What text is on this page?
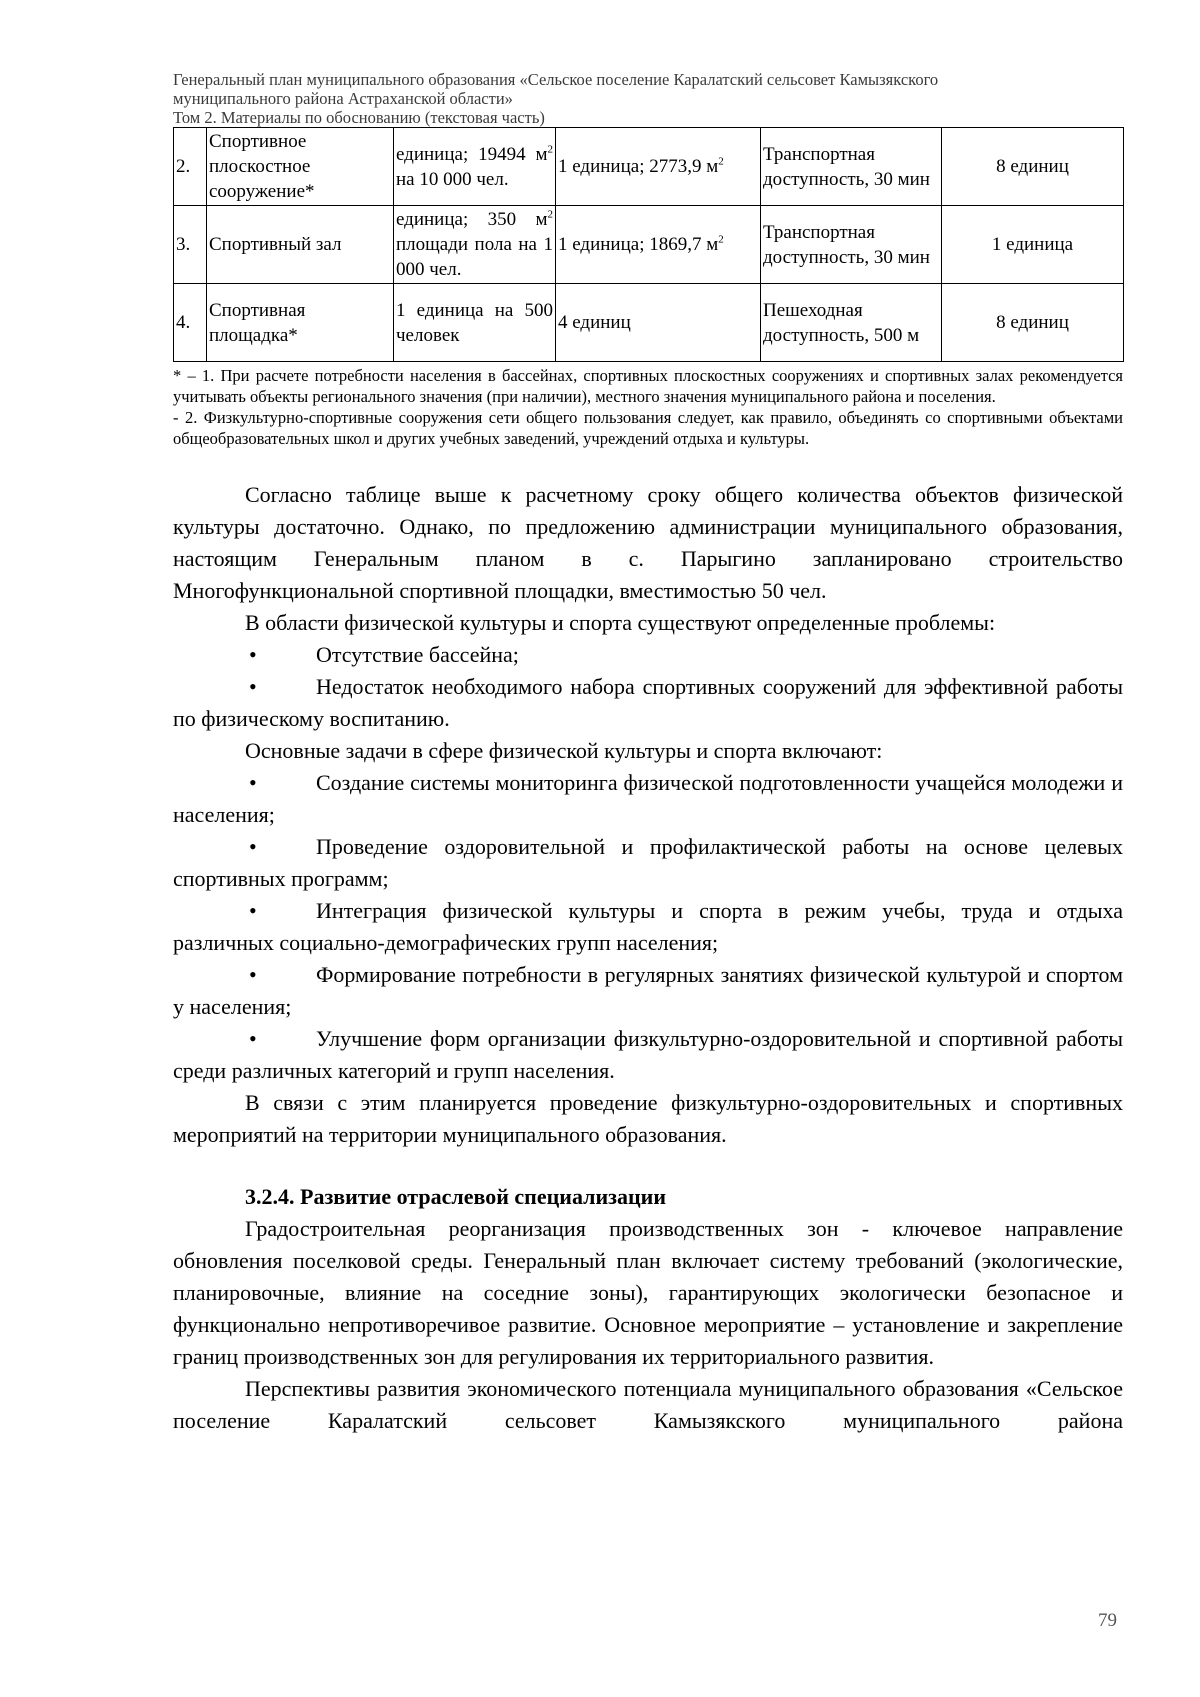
Генеральный план муниципального образования «Сельское поселение Каралатский сельсовет Камызякского
муниципального района Астраханской области»
Том 2. Материалы по обоснованию (текстовая часть)
2.	Спортивное плоскостное сооружение*	единица; 19494 $м^2$ на 10 000 чел.	1 единица; 2773,9 $м^2$	Транспортная доступность, 30 мин	8 единиц
3.	Спортивный зал	единица; 350 $м^2$ площади пола на 1 000 чел.	1 единица; 1869,7 $м^2$	Транспортная доступность, 30 мин	1 единица
4.	Спортивная площадка*	1 единица на 500 человек	4 единиц	Пешеходная доступность, 500 м	8 единиц

* – 1. При расчете потребности населения в бассейнах, спортивных плоскостных сооружениях и спортивных залах рекомендуется учитывать объекты регионального значения (при наличии), местного значения муниципального района и поселения.

- 2. Физкультурно-спортивные сооружения сети общего пользования следует, как правило, объединять со спортивными объектами общеобразовательных школ и других учебных заведений, учреждений отдыха и культуры.

Согласно таблице выше к расчетному сроку общего количества объектов физической культуры достаточно. Однако, по предложению администрации муниципального образования, настоящим Генеральным планом в с. Парыгино запланировано строительство Многофункциональной спортивной площадки, вместимостью 50 чел.

В области физической культуры и спорта существуют определенные проблемы:

•	Отсутствие бассейна;

•	Недостаток необходимого набора спортивных сооружений для эффективной работы по физическому воспитанию.

Основные задачи в сфере физической культуры и спорта включают:

•	Создание системы мониторинга физической подготовленности учащейся молодежи и населения;

•	Проведение оздоровительной и профилактической работы на основе целевых спортивных программ;

•	Интеграция физической культуры и спорта в режим учебы, труда и отдыха различных социально-демографических групп населения;

•	Формирование потребности в регулярных занятиях физической культурой и спортом у населения;

•	Улучшение форм организации физкультурно-оздоровительной и спортивной работы среди различных категорий и групп населения.

В связи с этим планируется проведение физкультурно-оздоровительных и спортивных мероприятий на территории муниципального образования.

3.2.4. Развитие отраслевой специализации

Градостроительная реорганизация производственных зон - ключевое направление обновления поселковой среды. Генеральный план включает систему требований (экологические, планировочные, влияние на соседние зоны), гарантирующих экологически безопасное и функционально непротиворечивое развитие. Основное мероприятие – установление и закрепление границ производственных зон для регулирования их территориального развития.

Перспективы развития экономического потенциала муниципального образования «Сельское поселение Каралатский сельсовет Камызякского муниципального района

79
